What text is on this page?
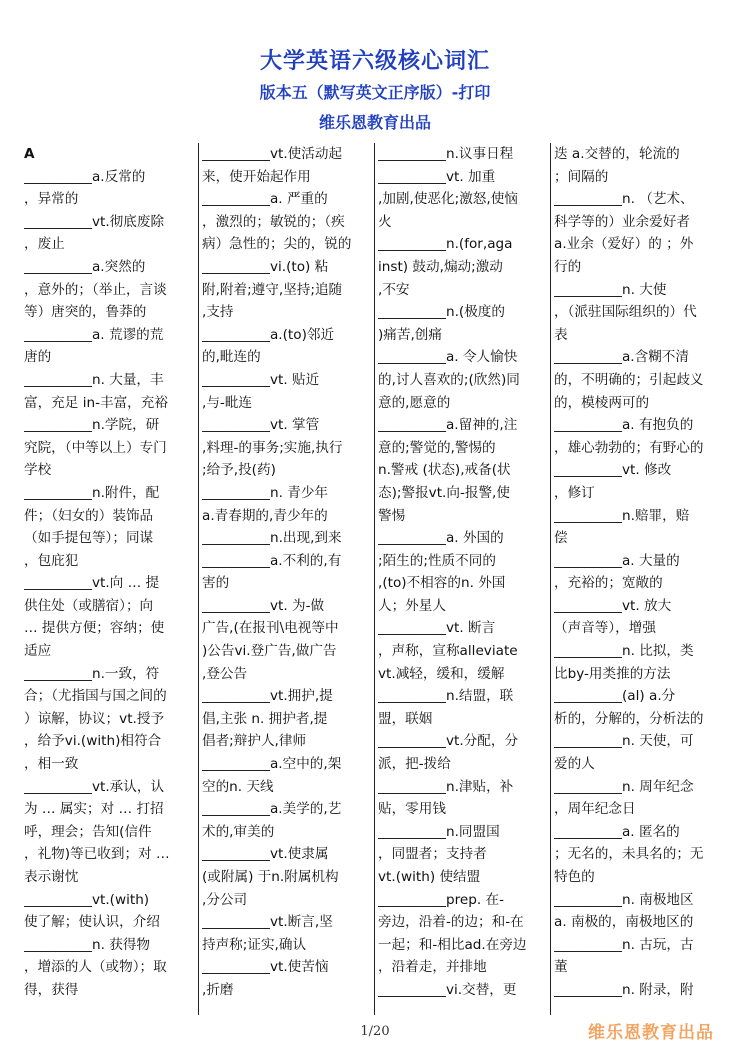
大学英语六级核心词汇
版本五（默写英文正序版）-打印
维乐恩教育出品
A
__________a.反常的
，异常的
__________vt.彻底废除
，废止
__________a.突然的
，意外的；（举止，言谈
等）唐突的，鲁莽的
__________a. 荒谬的荒
唐的
__________n. 大量，丰
富，充足 in-丰富，充裕
__________n.学院，研
究院，（中等以上）专门
学校
__________n.附件，配
件；（妇女的）装饰品
（如手提包等）；同谋
，包庇犯
__________vt.向 … 提
供住处（或膳宿）；向
… 提供方便；容纳；使
适应
__________n.一致，符
合；（尤指国与国之间的
）谅解，协议；vt.授予
，给予vi.(with)相符合
，相一致
__________vt.承认，认
为 … 属实；对 … 打招
呼，理会；告知(信件
，礼物)等已收到；对 …
表示谢忱
__________vt.(with)
使了解；使认识，介绍
__________n. 获得物
，增添的人（或物）；取
得，获得
__________vt.使活动起
来，使开始起作用
__________a. 严重的
，激烈的；敏锐的；（疾
病）急性的；尖的，锐的
__________vi.(to) 粘
附,附着;遵守,坚持;追随
,支持
__________a.(to)邻近
的,毗连的
__________vt. 贴近
,与-毗连
__________vt. 掌管
,料理-的事务;实施,执行
;给予,投(药)
__________n. 青少年
a.青春期的,青少年的
__________n.出现,到来
__________a.不利的,有
害的
__________vt. 为-做
广告,(在报刊\电视等中
)公告vi.登广告,做广告
,登公告
__________vt.拥护,提
倡,主张 n. 拥护者,提
倡者;辩护人,律师
__________a.空中的,架
空的n. 天线
__________a.美学的,艺
术的,审美的
__________vt.使隶属
(或附属) 于n.附属机构
,分公司
__________vt.断言,坚
持声称;证实,确认
__________vt.使苦恼
,折磨
__________n.议事日程
__________vt. 加重
,加剧,使恶化;激怒,使恼
火
__________n.(for,aga
inst) 鼓动,煽动;激动
,不安
__________n.(极度的
)痛苦,创痛
__________a. 令人愉快
的,讨人喜欢的;(欣然)同
意的,愿意的
__________a.留神的,注
意的;警觉的,警惕的
n.警戒 (状态),戒备(状
态);警报vt.向-报警,使
警惕
__________a. 外国的
;陌生的;性质不同的
,(to)不相容的n. 外国
人；外星人
__________vt. 断言
，声称，宣称alleviate
vt.减轻，缓和，缓解
__________n.结盟，联
盟，联姻
__________vt.分配，分
派，把-拨给
__________n.津贴，补
贴，零用钱
__________n.同盟国
，同盟者；支持者
vt.(with) 使结盟
__________prep. 在-
旁边，沿着-的边；和-在
一起；和-相比ad.在旁边
，沿着走，并排地
__________vi.交替，更
迭 a.交替的，轮流的
；间隔的
__________n. （艺术、
科学等的）业余爱好者
a.业余（爱好）的 ；外
行的
__________n. 大使
，（派驻国际组织的）代
表
__________a.含糊不清
的，不明确的；引起歧义
的，模棱两可的
__________a. 有抱负的
，雄心勃勃的；有野心的
__________vt. 修改
，修订
__________n.赔罪，赔
偿
__________a. 大量的
，充裕的；宽敞的
__________vt. 放大
（声音等），增强
__________n. 比拟，类
比by-用类推的方法
__________(al) a.分
析的，分解的，分析法的
__________n. 天使，可
爱的人
__________n. 周年纪念
，周年纪念日
__________a. 匿名的
；无名的，未具名的；无
特色的
__________n. 南极地区
a. 南极的，南极地区的
__________n. 古玩，古
董
__________n. 附录，附
1/20	维乐恩教育出品
